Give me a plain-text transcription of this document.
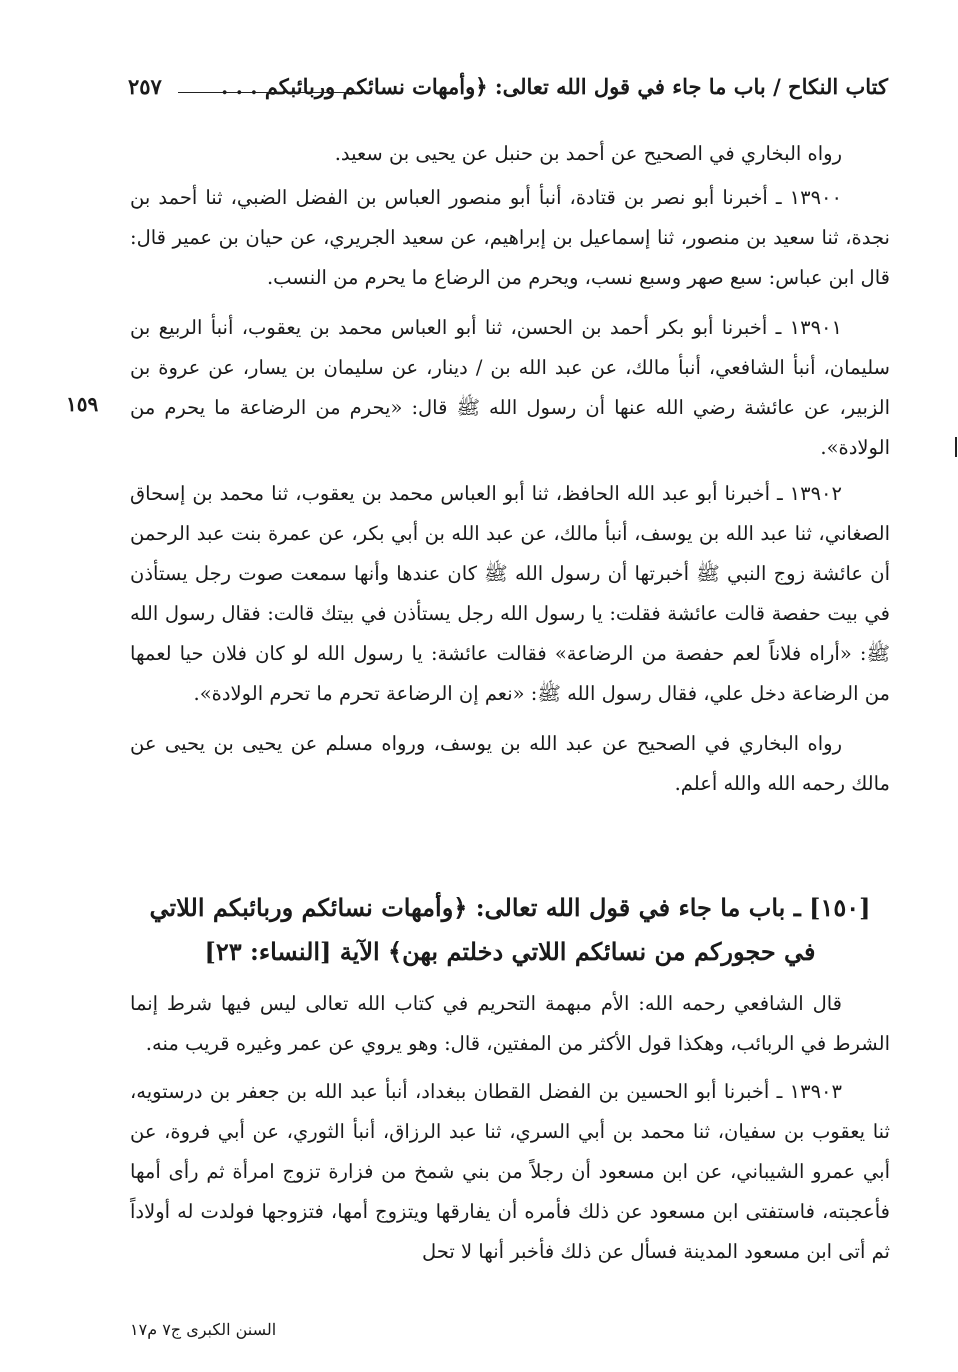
كتاب النكاح / باب ما جاء في قول الله تعالى: ﴿وأمهات نسائكم وربائبكم . . .
٢٥٧

رواه البخاري في الصحيح عن أحمد بن حنبل عن يحيى بن سعيد.

١٣٩٠٠ ـ أخبرنا أبو نصر بن قتادة، أنبأ أبو منصور العباس بن الفضل الضبي، ثنا أحمد بن نجدة، ثنا سعيد بن منصور، ثنا إسماعيل بن إبراهيم، عن سعيد الجريري، عن حيان بن عمير قال: قال ابن عباس: سبع صهر وسبع نسب، ويحرم من الرضاع ما يحرم من النسب.

١٣٩٠١ ـ أخبرنا أبو بكر أحمد بن الحسن، ثنا أبو العباس محمد بن يعقوب، أنبأ الربيع بن سليمان، أنبأ الشافعي، أنبأ مالك، عن عبد الله بن / دينار، عن سليمان بن يسار، عن عروة بن الزبير، عن عائشة رضي الله عنها أن رسول الله ﷺ قال: «يحرم من الرضاعة ما يحرم من الولادة».

١٣٩٠٢ ـ أخبرنا أبو عبد الله الحافظ، ثنا أبو العباس محمد بن يعقوب، ثنا محمد بن إسحاق الصغاني، ثنا عبد الله بن يوسف، أنبأ مالك، عن عبد الله بن أبي بكر، عن عمرة بنت عبد الرحمن أن عائشة زوج النبي ﷺ أخبرتها أن رسول الله ﷺ كان عندها وأنها سمعت صوت رجل يستأذن في بيت حفصة قالت عائشة فقلت: يا رسول الله رجل يستأذن في بيتك قالت: فقال رسول الله ﷺ: «أراه فلاناً لعم حفصة من الرضاعة» فقالت عائشة: يا رسول الله لو كان فلان حيا لعمها من الرضاعة دخل علي، فقال رسول الله ﷺ: «نعم إن الرضاعة تحرم ما تحرم الولادة».

رواه البخاري في الصحيح عن عبد الله بن يوسف، ورواه مسلم عن يحيى بن يحيى عن مالك رحمه الله والله أعلم.

١٥٩

[١٥٠] ـ باب ما جاء في قول الله تعالى: ﴿وأمهات نسائكم وربائبكم اللاتي

في حجوركم من نسائكم اللاتي دخلتم بهن﴾ الآية [النساء: ٢٣]

قال الشافعي رحمه الله: الأم مبهمة التحريم في كتاب الله تعالى ليس فيها شرط إنما الشرط في الربائب، وهكذا قول الأكثر من المفتين، قال: وهو يروي عن عمر وغيره قريب منه.

١٣٩٠٣ ـ أخبرنا أبو الحسين بن الفضل القطان ببغداد، أنبأ عبد الله بن جعفر بن درستويه، ثنا يعقوب بن سفيان، ثنا محمد بن أبي السري، ثنا عبد الرزاق، أنبأ الثوري، عن أبي فروة، عن أبي عمرو الشيباني، عن ابن مسعود أن رجلاً من بني شمخ من فزارة تزوج امرأة ثم رأى أمها فأعجبته، فاستفتى ابن مسعود عن ذلك فأمره أن يفارقها ويتزوج أمها، فتزوجها فولدت له أولاداً ثم أتى ابن مسعود المدينة فسأل عن ذلك فأخبر أنها لا تحل

السنن الكبرى ج٧ م١٧
